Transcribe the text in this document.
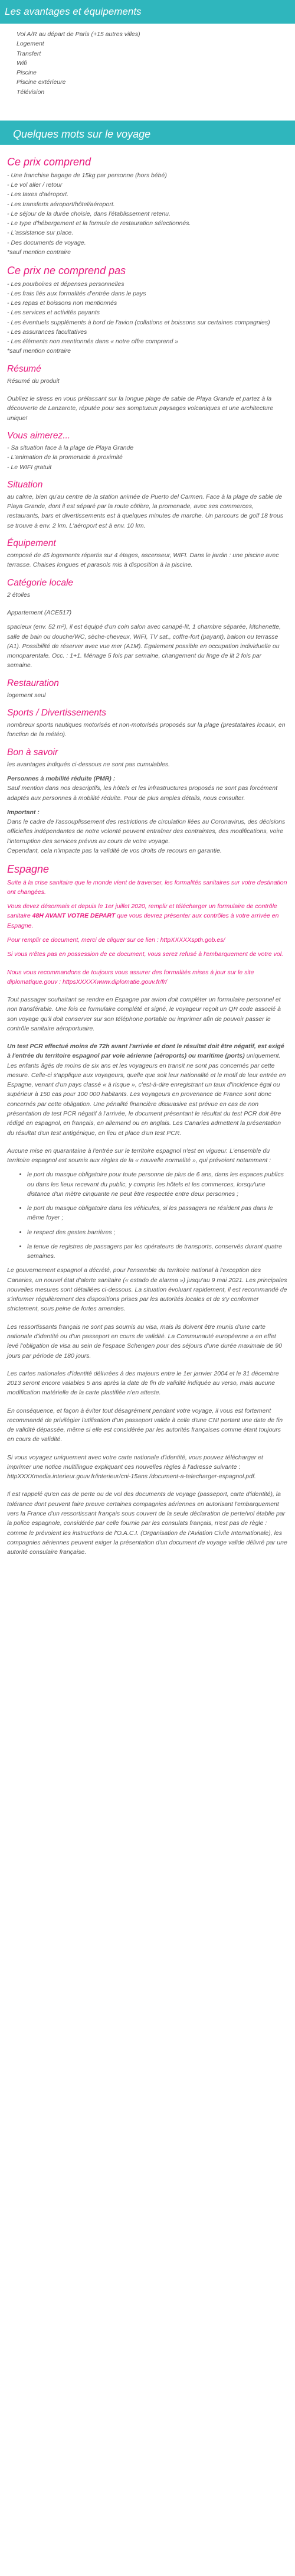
Les avantages et équipements
Vol A/R au départ de Paris (+15 autres villes)
Logement
Transfert
Wifi
Piscine
Piscine extérieure
Télévision
Quelques mots sur le voyage
Ce prix comprend
- Une franchise bagage de 15kg par personne (hors bébé)
- Le vol aller / retour
- Les taxes d'aéroport.
- Les transferts aéroport/hôtel/aéroport.
- Le séjour de la durée choisie, dans l'établissement retenu.
- Le type d'hébergement et la formule de restauration sélectionnés.
- L'assistance sur place.
- Des documents de voyage.
*sauf mention contraire
Ce prix ne comprend pas
- Les pourboires et dépenses personnelles
- Les frais liés aux formalités d'entrée dans le pays
- Les repas et boissons non mentionnés
- Les services et activités payants
- Les éventuels suppléments à bord de l'avion (collations et boissons sur certaines compagnies)
- Les assurances facultatives
- Les éléments non mentionnés dans « notre offre comprend »
*sauf mention contraire
Résumé

Résumé du produit

Oubliez le stress en vous prélassant sur la longue plage de sable de Playa Grande et partez à la découverte de Lanzarote, réputée pour ses somptueux paysages volcaniques et une architecture unique!

Vous aimerez...
- Sa situation face à la plage de Playa Grande
- L'animation de la promenade à proximité
- Le WIFI gratuit
Situation

au calme, bien qu'au centre de la station animée de Puerto del Carmen. Face à la plage de sable de Playa Grande, dont il est séparé par la route côtière, la promenade, avec ses commerces, restaurants, bars et divertissements est à quelques minutes de marche. Un parcours de golf 18 trous se trouve à env. 2 km. L'aéroport est à env. 10 km.

Équipement

composé de 45 logements répartis sur 4 étages, ascenseur, WIFI. Dans le jardin : une piscine avec terrasse. Chaises longues et parasols mis à disposition à la piscine.

Catégorie locale

2 étoiles

Appartement (ACE517)

spacieux (env. 52 m²), il est équipé d'un coin salon avec canapé-lit, 1 chambre séparée, kitchenette, salle de bain ou douche/WC, sèche-cheveux, WIFI, TV sat., coffre-fort (payant), balcon ou terrasse (A1). Possibilité de réserver avec vue mer (A1M). Également possible en occupation individuelle ou monoparentale. Occ. : 1+1. Ménage 5 fois par semaine, changement du linge de lit 2 fois par semaine.

Restauration

logement seul

Sports / Divertissements

nombreux sports nautiques motorisés et non-motorisés proposés sur la plage (prestataires locaux, en fonction de la météo).

Bon à savoir

les avantages indiqués ci-dessous ne sont pas cumulables.

Personnes à mobilité réduite (PMR) :

Sauf mention dans nos descriptifs, les hôtels et les infrastructures proposés ne sont pas forcément adaptés aux personnes à mobilité réduite. Pour de plus amples détails, nous consulter.

Important :
Dans le cadre de l'assouplissement des restrictions de circulation liées au Coronavirus, des décisions officielles indépendantes de notre volonté peuvent entraîner des contraintes, des modifications, voire l'interruption des services prévus au cours de votre voyage.

Cependant, cela n'impacte pas la validité de vos droits de recours en garantie.

Espagne

Suite à la crise sanitaire que le monde vient de traverser, les formalités sanitaires sur votre destination ont changées.

Vous devez désormais et depuis le 1er juillet 2020, remplir et télécharger un formulaire de contrôle sanitaire 48H AVANT VOTRE DEPART que vous devrez présenter aux contrôles à votre arrivée en Espagne.

Pour remplir ce document, merci de cliquer sur ce lien : httpXXXXXspth.gob.es/

Si vous n'êtes pas en possession de ce document, vous serez refusé à l'embarquement de votre vol.

Nous vous recommandons de toujours vous assurer des formalités mises à jour sur le site diplomatique.gouv : httpsXXXXXwww.diplomatie.gouv.fr/fr/

Tout passager souhaitant se rendre en Espagne par avion doit compléter un formulaire personnel et non transférable. Une fois ce formulaire complété et signé, le voyageur reçoit un QR code associé à son voyage qu'il doit conserver sur son téléphone portable ou imprimer afin de pouvoir passer le contrôle sanitaire aéroportuaire.

Un test PCR effectué moins de 72h avant l'arrivée et dont le résultat doit être négatif, est exigé à l'entrée du territoire espagnol par voie aérienne (aéroports) ou maritime (ports) uniquement. Les enfants âgés de moins de six ans et les voyageurs en transit ne sont pas concernés par cette mesure. Celle-ci s'applique aux voyageurs, quelle que soit leur nationalité et le motif de leur entrée en Espagne, venant d'un pays classé « à risque », c'est-à-dire enregistrant un taux d'incidence égal ou supérieur à 150 cas pour 100 000 habitants. Les voyageurs en provenance de France sont donc concernés par cette obligation. Une pénalité financière dissuasive est prévue en cas de non présentation de test PCR négatif à l'arrivée, le document présentant le résultat du test PCR doit être rédigé en espagnol, en français, en allemand ou en anglais. Les Canaries admettent la présentation du résultat d'un test antigénique, en lieu et place d'un test PCR.

Aucune mise en quarantaine à l'entrée sur le territoire espagnol n'est en vigueur. L'ensemble du territoire espagnol est soumis aux règles de la « nouvelle normalité », qui prévoient notamment :

• le port du masque obligatoire pour toute personne de plus de 6 ans, dans les espaces publics ou dans les lieux recevant du public, y compris les hôtels et les commerces, lorsqu'une distance d'un mètre cinquante ne peut être respectée entre deux personnes ;
• le port du masque obligatoire dans les véhicules, si les passagers ne résident pas dans le même foyer ;
• le respect des gestes barrières ;
• la tenue de registres de passagers par les opérateurs de transports, conservés durant quatre semaines.

Le gouvernement espagnol a décrété, pour l'ensemble du territoire national à l'exception des Canaries, un nouvel état d'alerte sanitaire (« estado de alarma ») jusqu'au 9 mai 2021. Les principales nouvelles mesures sont détaillées ci-dessous. La situation évoluant rapidement, il est recommandé de s'informer régulièrement des dispositions prises par les autorités locales et de s'y conformer strictement, sous peine de fortes amendes.

Les ressortissants français ne sont pas soumis au visa, mais ils doivent être munis d'une carte nationale d'identité ou d'un passeport en cours de validité. La Communauté européenne a en effet levé l'obligation de visa au sein de l'espace Schengen pour des séjours d'une durée maximale de 90 jours par période de 180 jours.

Les cartes nationales d'identité délivrées à des majeurs entre le 1er janvier 2004 et le 31 décembre 2013 seront encore valables 5 ans après la date de fin de validité indiquée au verso, mais aucune modification matérielle de la carte plastifiée n'en atteste.

En conséquence, et façon à éviter tout désagrément pendant votre voyage, il vous est fortement recommandé de privilégier l'utilisation d'un passeport valide à celle d'une CNI portant une date de fin de validité dépassée, même si elle est considérée par les autorités françaises comme étant toujours en cours de validité.

Si vous voyagez uniquement avec votre carte nationale d'identité, vous pouvez télécharger et imprimer une notice multilingue expliquant ces nouvelles règles à l'adresse suivante : httpXXXXmedia.interieur.gouv.fr/interieur/cni-15ans /document-a-telecharger-espagnol.pdf.

Il est rappelé qu'en cas de perte ou de vol des documents de voyage (passeport, carte d'identité), la tolérance dont peuvent faire preuve certaines compagnies aériennes en autorisant l'embarquement vers la France d'un ressortissant français sous couvert de la seule déclaration de perte/vol établie par la police espagnole, considérée par celle fournie par les consulats français, n'est pas de règle : comme le prévoient les instructions de l'O.A.C.I. (Organisation de l'Aviation Civile Internationale), les compagnies aériennes peuvent exiger la présentation d'un document de voyage valide délivré par une autorité consulaire française.
